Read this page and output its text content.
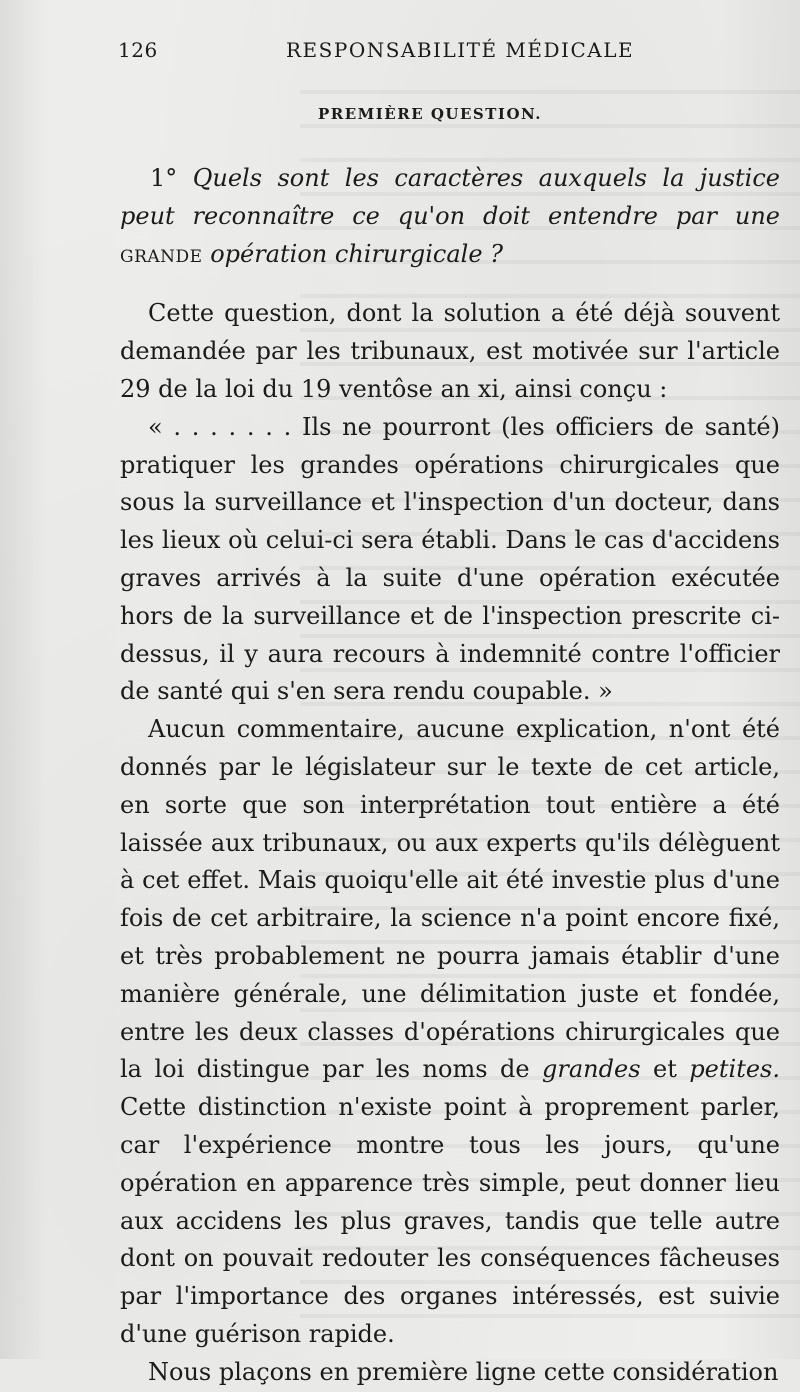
126	RESPONSABILITÉ MÉDICALE
PREMIÈRE QUESTION.

1° Quels sont les caractères auxquels la justice peut reconnaître ce qu'on doit entendre par une grande opération chirurgicale ?

Cette question, dont la solution a été déjà souvent demandée par les tribunaux, est motivée sur l'article 29 de la loi du 19 ventôse an xi, ainsi conçu :

« . . . . . . . Ils ne pourront (les officiers de santé) pratiquer les grandes opérations chirurgicales que sous la surveillance et l'inspection d'un docteur, dans les lieux où celui-ci sera établi. Dans le cas d'accidens graves arrivés à la suite d'une opération exécutée hors de la surveillance et de l'inspection prescrite ci-dessus, il y aura recours à indemnité contre l'officier de santé qui s'en sera rendu coupable. »

Aucun commentaire, aucune explication, n'ont été donnés par le législateur sur le texte de cet article, en sorte que son interprétation tout entière a été laissée aux tribunaux, ou aux experts qu'ils délèguent à cet effet. Mais quoiqu'elle ait été investie plus d'une fois de cet arbitraire, la science n'a point encore fixé, et très probablement ne pourra jamais établir d'une manière générale, une délimitation juste et fondée, entre les deux classes d'opérations chirurgicales que la loi distingue par les noms de grandes et petites. Cette distinction n'existe point à proprement parler, car l'expérience montre tous les jours, qu'une opération en apparence très simple, peut donner lieu aux accidens les plus graves, tandis que telle autre dont on pouvait redouter les conséquences fâcheuses par l'importance des organes intéressés, est suivie d'une guérison rapide.

Nous plaçons en première ligne cette considération
